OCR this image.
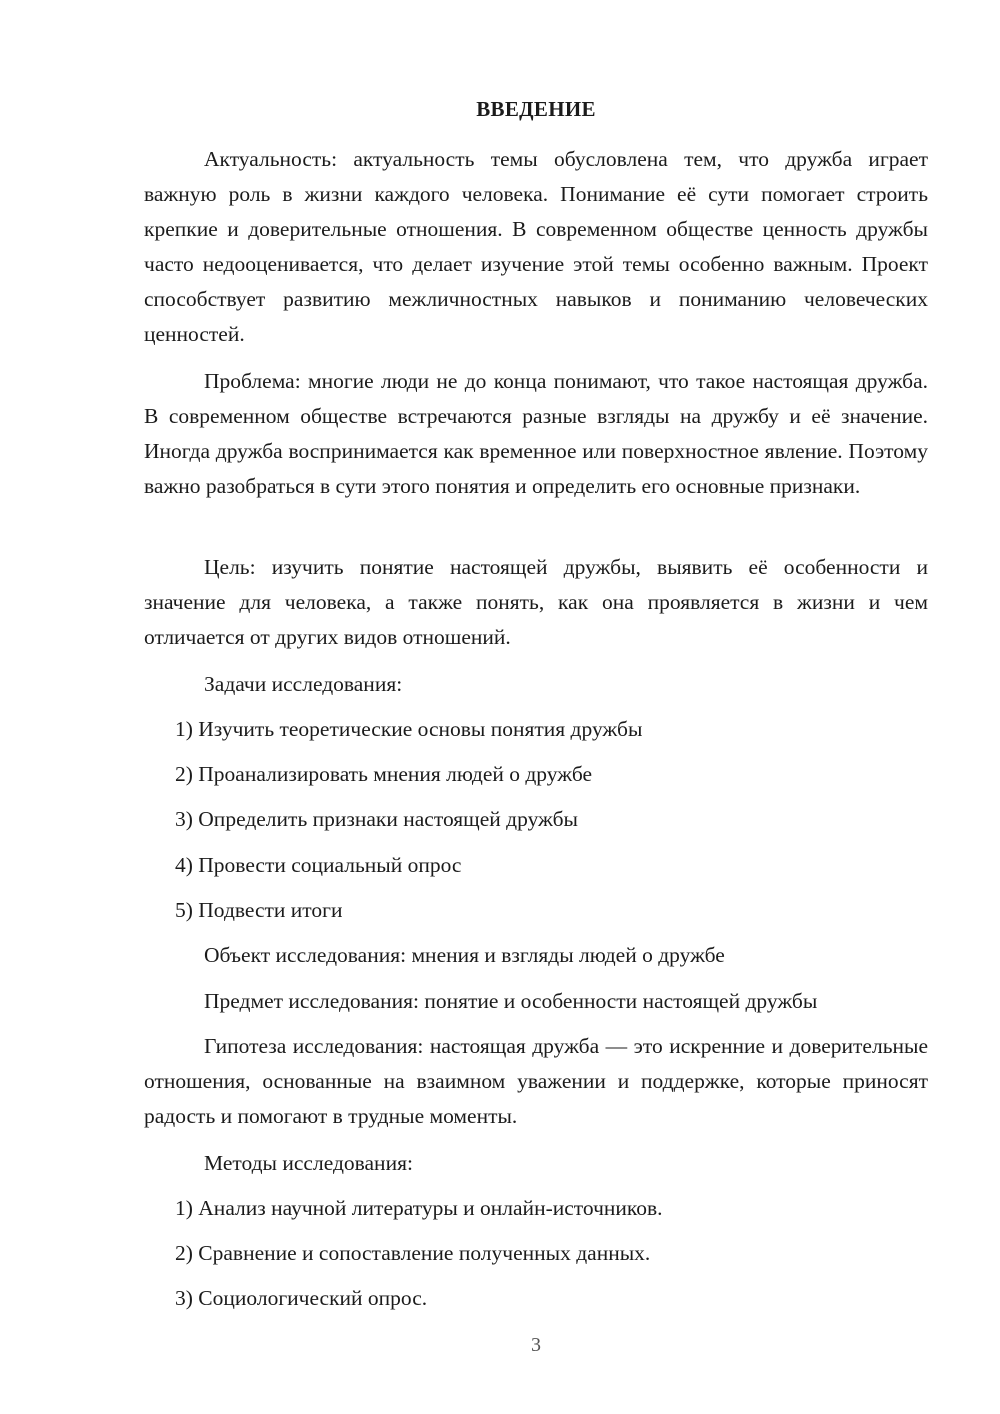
ВВЕДЕНИЕ

Актуальность: актуальность темы обусловлена тем, что дружба играет важную роль в жизни каждого человека. Понимание её сути помогает строить крепкие и доверительные отношения. В современном обществе ценность дружбы часто недооценивается, что делает изучение этой темы особенно важным. Проект способствует развитию межличностных навыков и пониманию человеческих ценностей.

Проблема: многие люди не до конца понимают, что такое настоящая дружба. В современном обществе встречаются разные взгляды на дружбу и её значение. Иногда дружба воспринимается как временное или поверхностное явление. Поэтому важно разобраться в сути этого понятия и определить его основные признаки.

Цель: изучить понятие настоящей дружбы, выявить её особенности и значение для человека, а также понять, как она проявляется в жизни и чем отличается от других видов отношений.

Задачи исследования:
1) Изучить теоретические основы понятия дружбы
2) Проанализировать мнения людей о дружбе
3) Определить признаки настоящей дружбы
4) Провести социальный опрос
5) Подвести итоги
Объект исследования: мнения и взгляды людей о дружбе
Предмет исследования: понятие и особенности настоящей дружбы

Гипотеза исследования: настоящая дружба — это искренние и доверительные отношения, основанные на взаимном уважении и поддержке, которые приносят радость и помогают в трудные моменты.

Методы исследования:
1) Анализ научной литературы и онлайн-источников.
2) Сравнение и сопоставление полученных данных.
3) Социологический опрос.
3
